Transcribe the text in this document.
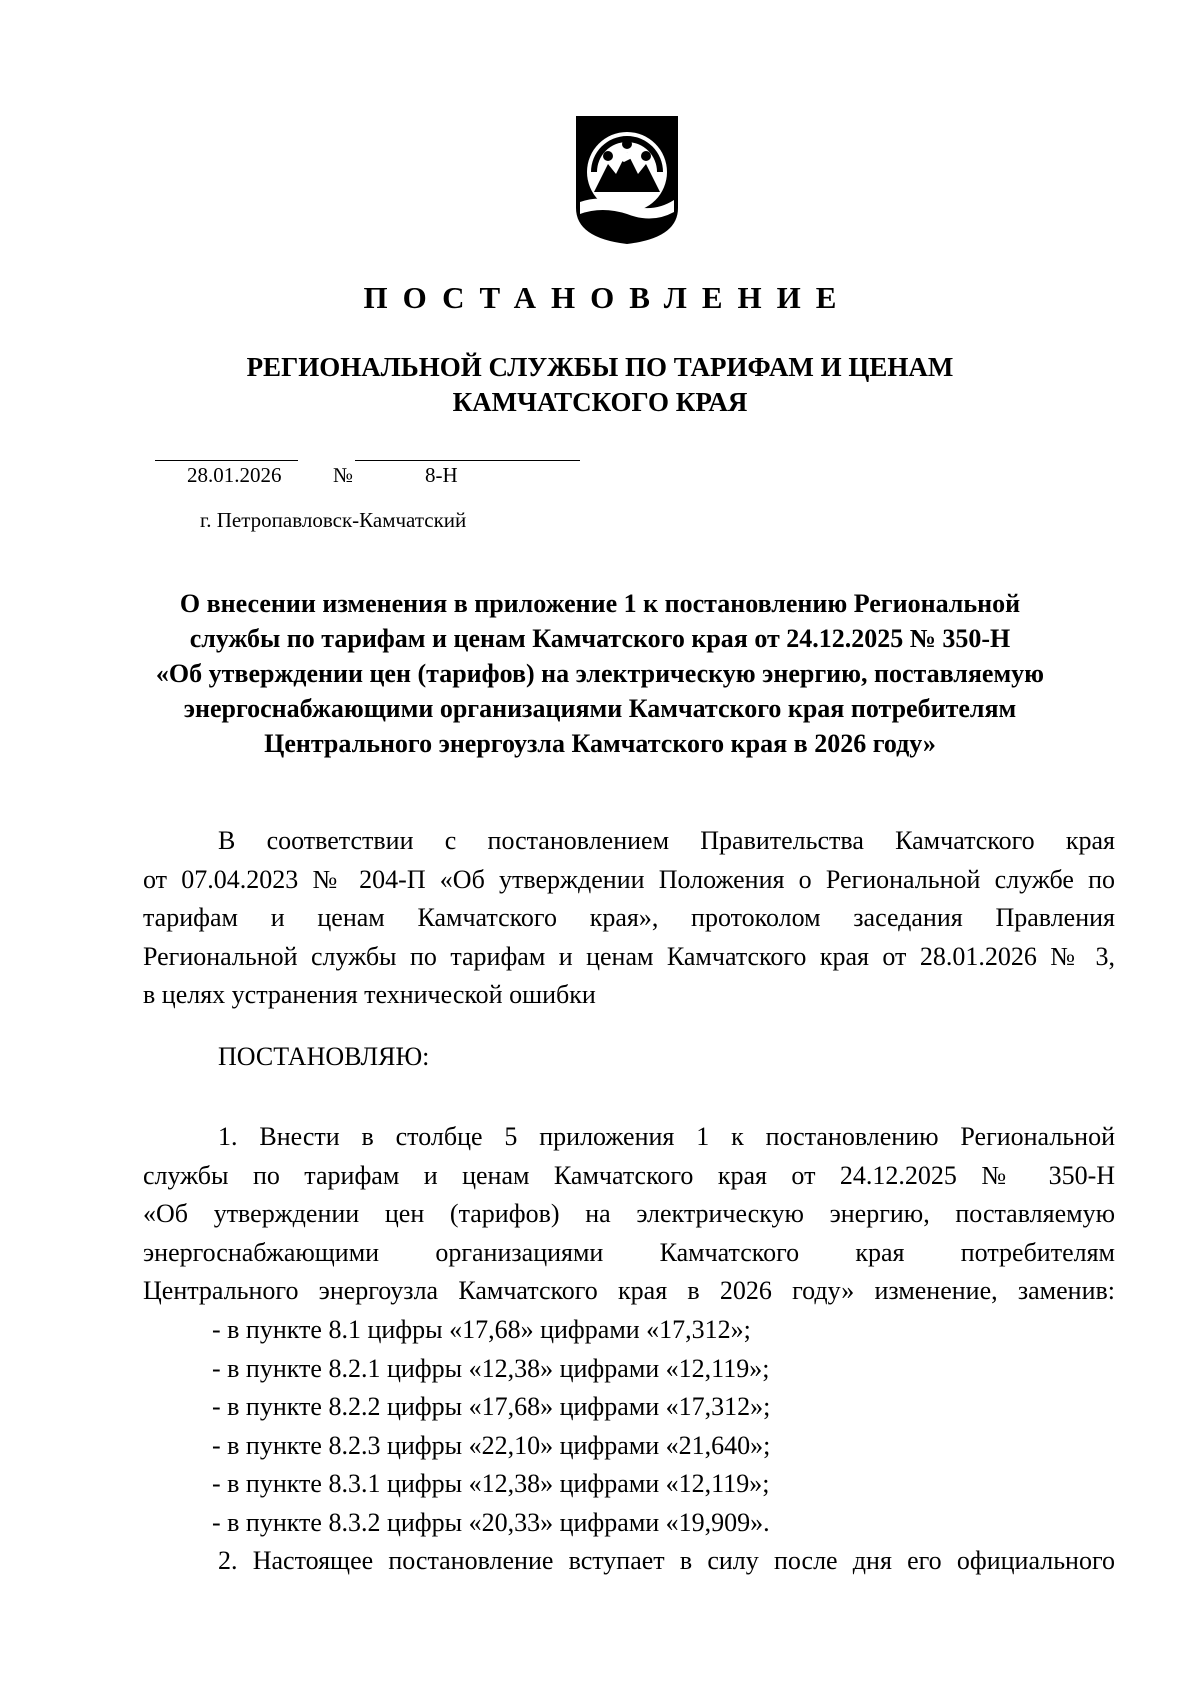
ПОСТАНОВЛЕНИЕ
РЕГИОНАЛЬНОЙ СЛУЖБЫ ПО ТАРИФАМ И ЦЕНАМ
КАМЧАТСКОГО КРАЯ
28.01.2026 №	8-Н
г. Петропавловск-Камчатский
О внесении изменения в приложение 1 к постановлению Региональной
службы по тарифам и ценам Камчатского края от 24.12.2025 № 350-Н
«Об утверждении цен (тарифов) на электрическую энергию, поставляемую
энергоснабжающими организациями Камчатского края потребителям
Центрального энергоузла Камчатского края в 2026 году»
В соответствии с постановлением Правительства Камчатского края
от 07.04.2023 № 204-П «Об утверждении Положения о Региональной службе по
тарифам и ценам Камчатского края», протоколом заседания Правления
Региональной службы по тарифам и ценам Камчатского края от 28.01.2026 № 3,
в целях устранения технической ошибки
ПОСТАНОВЛЯЮ:
1. Внести в столбце 5 приложения 1 к постановлению Региональной
службы по тарифам и ценам Камчатского края от 24.12.2025 № 350-Н
«Об утверждении цен (тарифов) на электрическую энергию, поставляемую
энергоснабжающими организациями Камчатского края потребителям
Центрального энергоузла Камчатского края в 2026 году» изменение, заменив:
- в пункте 8.1 цифры «17,68» цифрами «17,312»;
- в пункте 8.2.1 цифры «12,38» цифрами «12,119»;
- в пункте 8.2.2 цифры «17,68» цифрами «17,312»;
- в пункте 8.2.3 цифры «22,10» цифрами «21,640»;
- в пункте 8.3.1 цифры «12,38» цифрами «12,119»;
- в пункте 8.3.2 цифры «20,33» цифрами «19,909».
2. Настоящее постановление вступает в силу после дня его официального
